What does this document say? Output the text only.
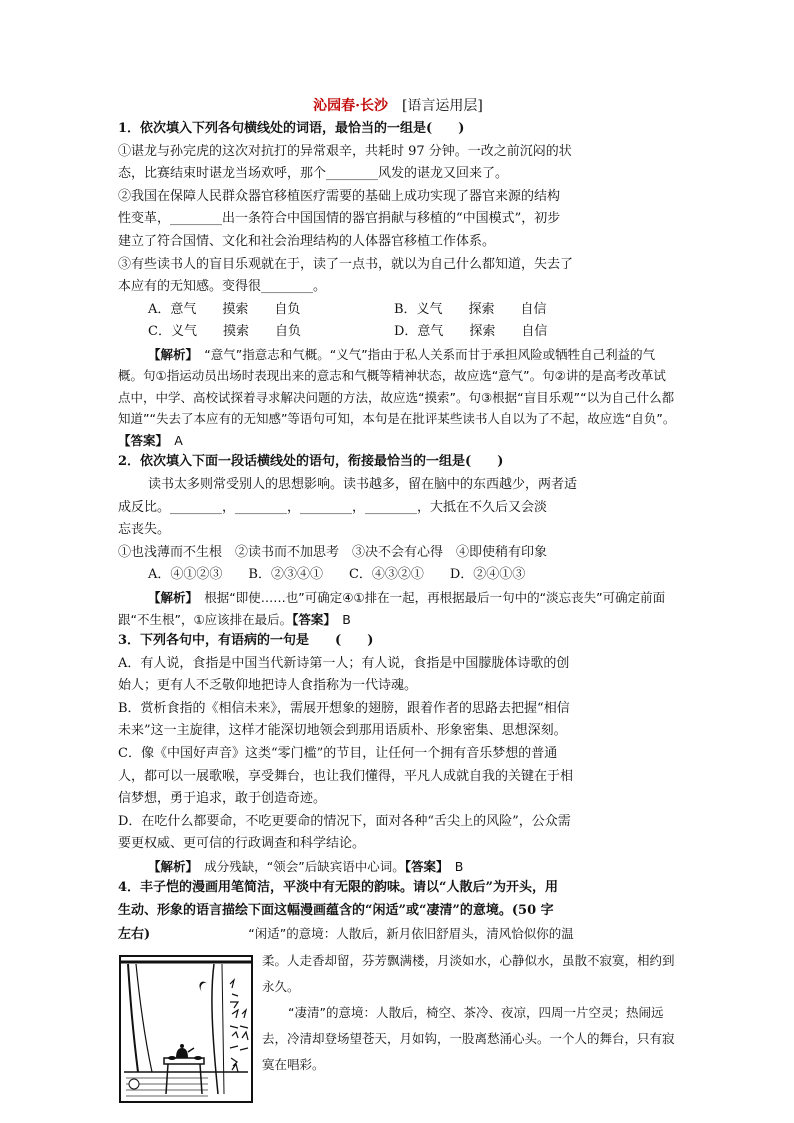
沁园春·长沙 [语言运用层]
1．依次填入下列各句横线处的词语，最恰当的一组是(　　)
①谌龙与孙完虎的这次对抗打的异常艰辛，共耗时 97 分钟。一改之前沉闷的状
态，比赛结束时谌龙当场欢呼，那个________风发的谌龙又回来了。
②我国在保障人民群众器官移植医疗需要的基础上成功实现了器官来源的结构
性变革，________出一条符合中国国情的器官捐献与移植的“中国模式”，初步
建立了符合国情、文化和社会治理结构的人体器官移植工作体系。
③有些读书人的盲目乐观就在于，读了一点书，就以为自己什么都知道，失去了
本应有的无知感。变得很________。
A．意气　　摸索　　自负	B．义气　　探索　　自信
C．义气　　摸索　　自负	D．意气　　探索　　自信
【解析】　“意气”指意志和气概。“义气”指由于私人关系而甘于承担风险或牺牲自己利益的气概。句①指运动员出场时表现出来的意志和气概等精神状态，故应选“意气”。句②讲的是高考改革试点中，中学、高校试探着寻求解决问题的方法，故应选“摸索”。句③根据“盲目乐观”“以为自己什么都知道”“失去了本应有的无知感”等语句可知，本句是在批评某些读书人自以为了不起，故应选“自负”。【答案】　 A
2．依次填入下面一段话横线处的语句，衔接最恰当的一组是(　　)
读书太多则常受别人的思想影响。读书越多，留在脑中的东西越少，两者适
成反比。________，________，________，________，大抵在不久后又会淡
忘丧失。
①也浅薄而不生根　②读书而不加思考　③决不会有心得　④即使稍有印象
A．④①②③　　B．②③④①　　C．④③②①　　D．②④①③
【解析】　根据“即使……也”可确定④①排在一起，再根据最后一句中的“淡忘丧失”可确定前面跟“不生根”，①应该排在最后。【答案】　 B
3．下列各句中，有语病的一句是　　(　　)
A．有人说，食指是中国当代新诗第一人；有人说，食指是中国朦胧体诗歌的创
始人；更有人不乏敬仰地把诗人食指称为一代诗魂。
B．赏析食指的《相信未来》，需展开想象的翅膀，跟着作者的思路去把握“相信
未来”这一主旋律，这样才能深切地领会到那用语质朴、形象密集、思想深刻。
C．像《中国好声音》这类“零门槛”的节目，让任何一个拥有音乐梦想的普通
人，都可以一展歌喉，享受舞台，也让我们懂得，平凡人成就自我的关键在于相
信梦想，勇于追求，敢于创造奇迹。
D．在吃什么都要命，不吃更要命的情况下，面对各种“舌尖上的风险”，公众需
要更权威、更可信的行政调查和科学结论。
【解析】　成分残缺，“领会”后缺宾语中心词。【答案】　 B
4．丰子恺的漫画用笔简洁，平淡中有无限的韵味。请以“人散后”为开头，用
生动、形象的语言描绘下面这幅漫画蕴含的“闲适”或“凄清”的意境。(50 字
左右)	“闲适”的意境：人散后，新月依旧舒眉头，清风恰似你的温
柔。人走香却留，芬芳飘满楼，月淡如水，心静似水，虽散不寂寞，相约到永久。
“凄清”的意境：人散后，椅空、茶冷、夜凉，四周一片空灵；热闹远去，冷清却登场望苍天，月如钩，一股离愁涌心头。一个人的舞台，只有寂寞在唱彩。
